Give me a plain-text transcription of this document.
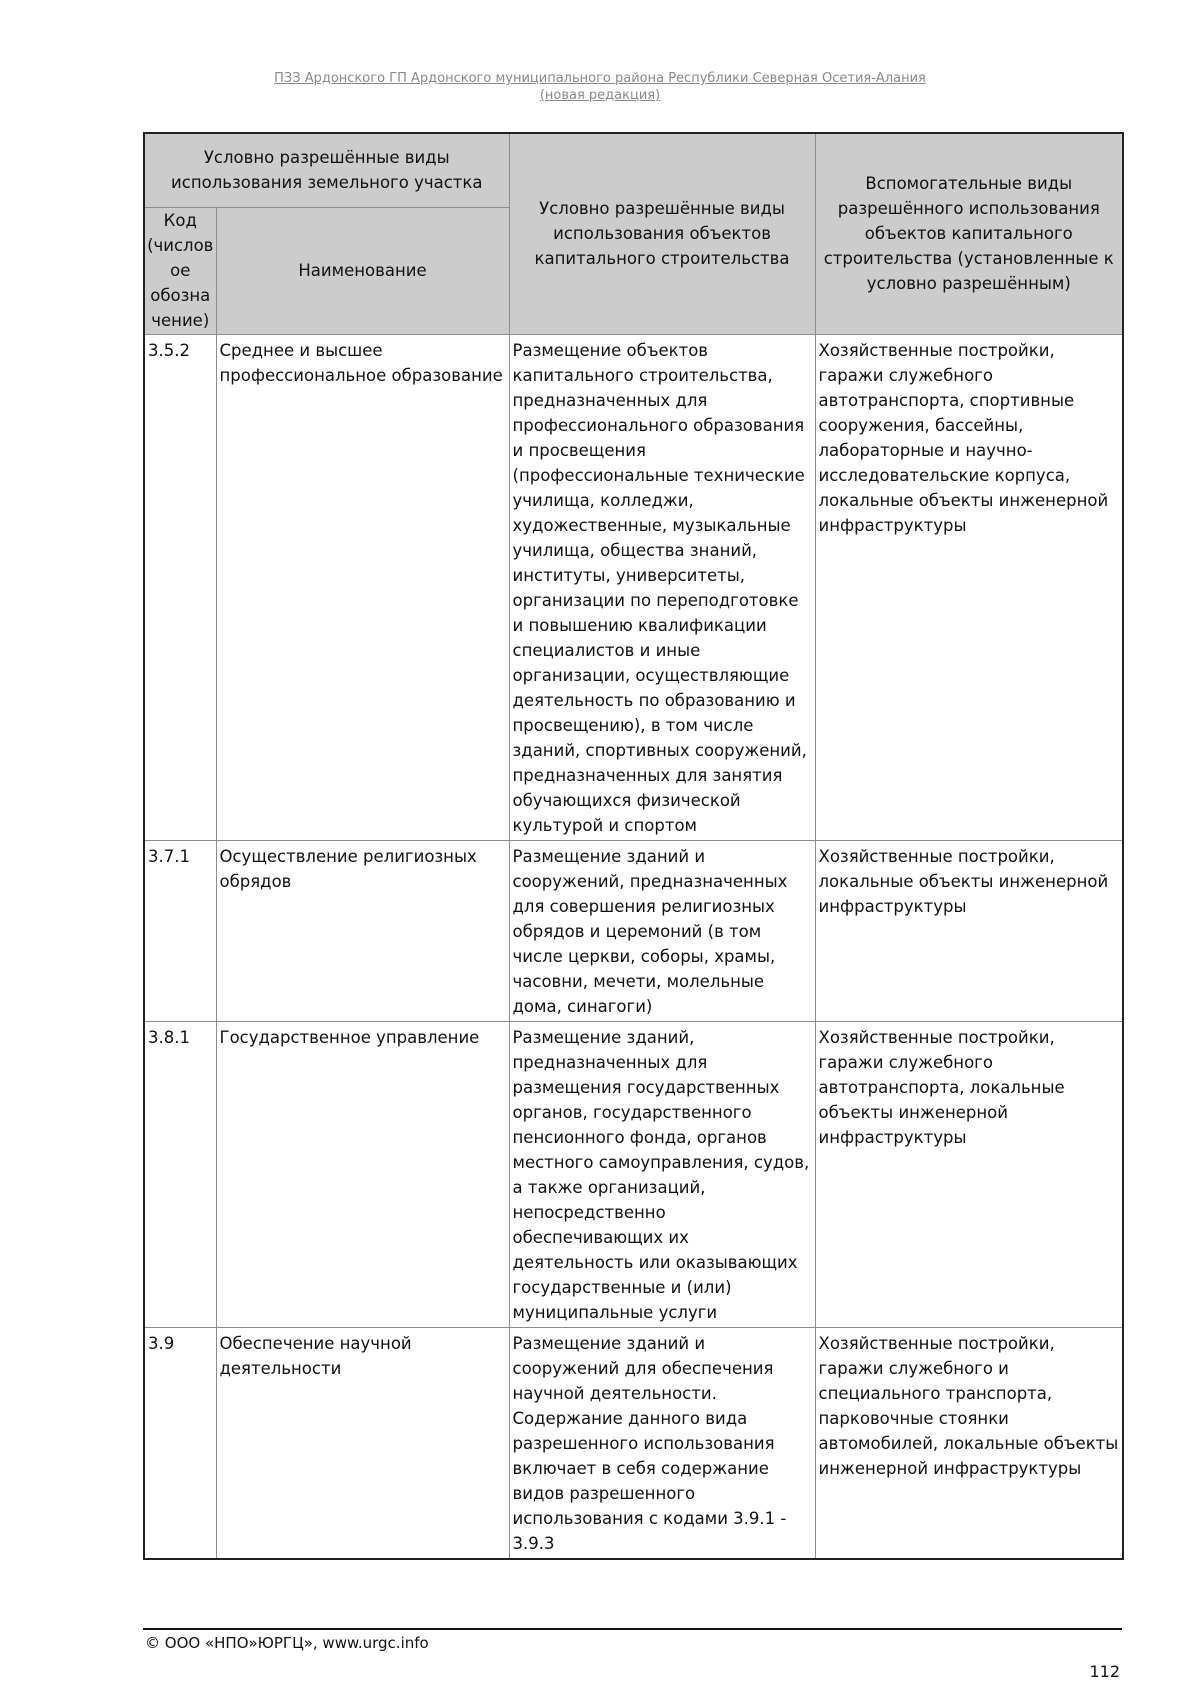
ПЗЗ Ардонского ГП Ардонского муниципального района Республики Северная Осетия-Алания
(новая редакция)
Условно разрешённые виды использования земельного участка		Условно разрешённые виды использования объектов капитального строительства	Вспомогательные виды разрешённого использования объектов капитального строительства (установленные к условно разрешённым)
Код (числов ое обозна чение)	Наименование		
3.5.2	Среднее и высшее профессиональное образование	Размещение объектов капитального строительства, предназначенных для профессионального образования и просвещения (профессиональные технические училища, колледжи, художественные, музыкальные училища, общества знаний, институты, университеты, организации по переподготовке и повышению квалификации специалистов и иные организации, осуществляющие деятельность по образованию и просвещению), в том числе зданий, спортивных сооружений, предназначенных для занятия обучающихся физической культурой и спортом	Хозяйственные постройки, гаражи служебного автотранспорта, спортивные сооружения, бассейны, лабораторные и научно-исследовательские корпуса, локальные объекты инженерной инфраструктуры
3.7.1	Осуществление религиозных обрядов	Размещение зданий и сооружений, предназначенных для совершения религиозных обрядов и церемоний (в том числе церкви, соборы, храмы, часовни, мечети, молельные дома, синагоги)	Хозяйственные постройки, локальные объекты инженерной инфраструктуры
3.8.1	Государственное управление	Размещение зданий, предназначенных для размещения государственных органов, государственного пенсионного фонда, органов местного самоуправления, судов, а также организаций, непосредственно обеспечивающих их деятельность или оказывающих государственные и (или) муниципальные услуги	Хозяйственные постройки, гаражи служебного автотранспорта, локальные объекты инженерной инфраструктуры
3.9	Обеспечение научной деятельности	Размещение зданий и сооружений для обеспечения научной деятельности. Содержание данного вида разрешенного использования включает в себя содержание видов разрешенного использования с кодами 3.9.1 - 3.9.3	Хозяйственные постройки, гаражи служебного и специального транспорта, парковочные стоянки автомобилей, локальные объекты инженерной инфраструктуры
© ООО «НПО»ЮРГЦ», www.urgc.info
112
